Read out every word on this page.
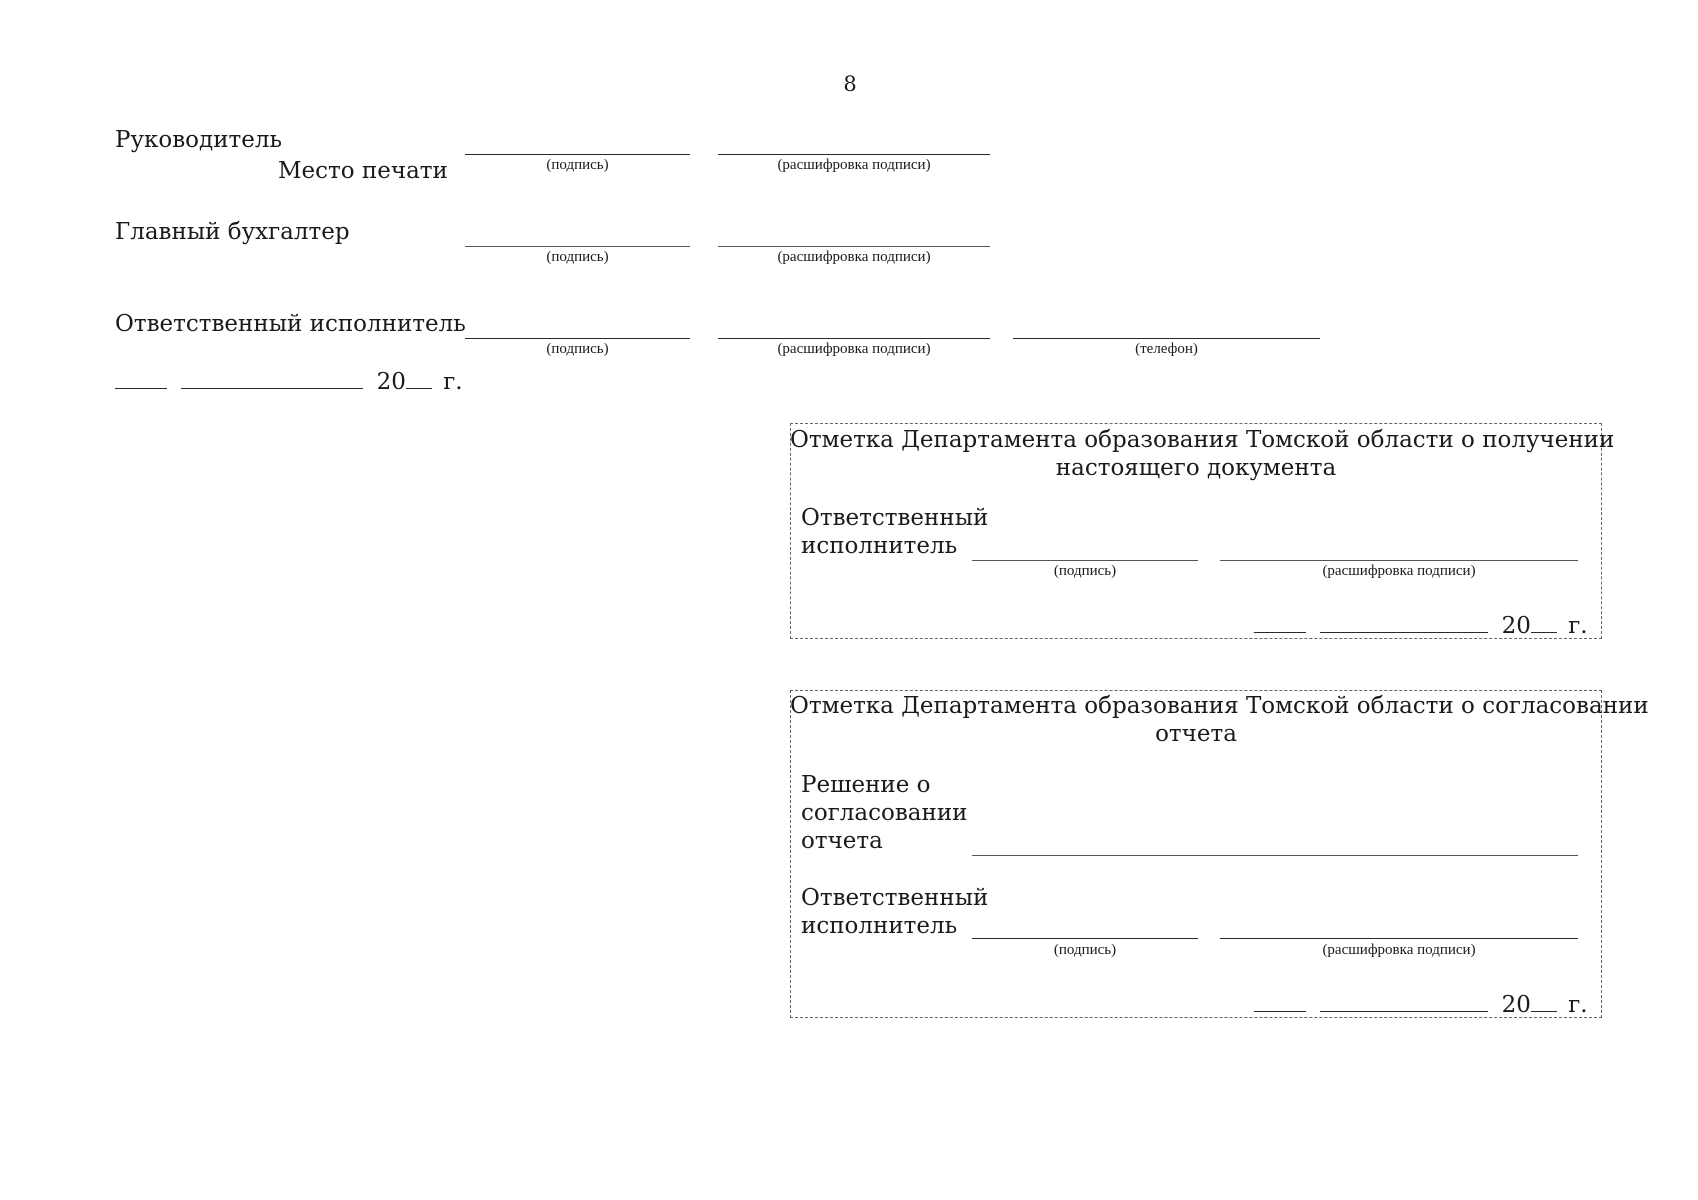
8
Руководитель
Место печати	(подпись)	(расшифровка подписи)
Главный бухгалтер
(подпись)	(расшифровка подписи)
Ответственный исполнитель
(подпись)	(расшифровка подписи)	(телефон)
20 г.
Отметка Департамента образования Томской области о получении
настоящего документа
Ответственный
исполнитель
(подпись)	(расшифровка подписи)
20 г.
Отметка Департамента образования Томской области о согласовании
отчета
Решение о
согласовании
отчета
Ответственный
исполнитель
(подпись)	(расшифровка подписи)
20 г.
